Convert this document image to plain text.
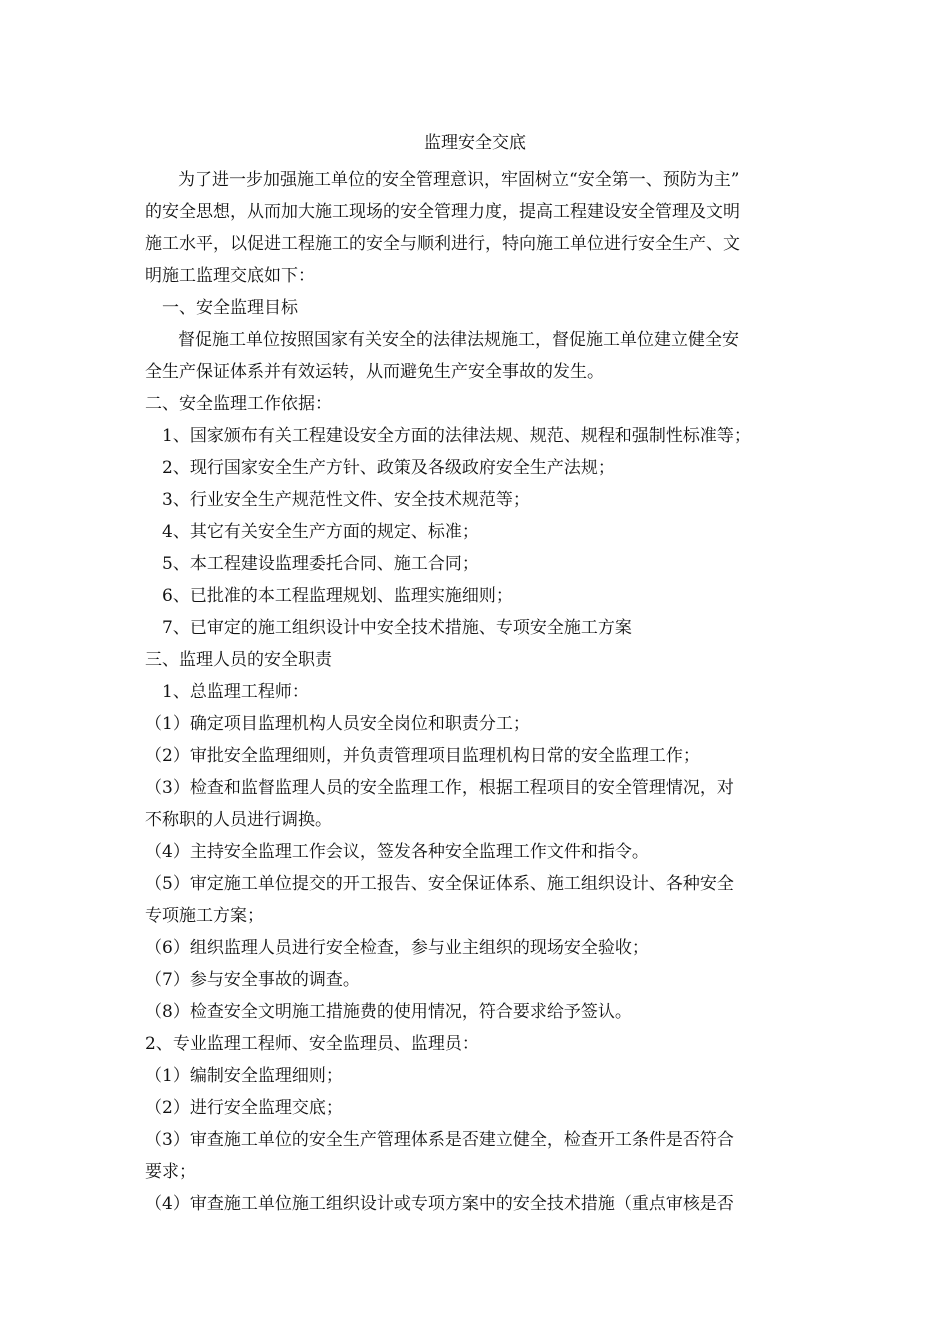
监理安全交底
为了进一步加强施工单位的安全管理意识，牢固树立“安全第一、预防为主”
的安全思想，从而加大施工现场的安全管理力度，提高工程建设安全管理及文明
施工水平，以促进工程施工的安全与顺利进行，特向施工单位进行安全生产、文
明施工监理交底如下：
一、安全监理目标
督促施工单位按照国家有关安全的法律法规施工，督促施工单位建立健全安
全生产保证体系并有效运转，从而避免生产安全事故的发生。
二、安全监理工作依据：
1、国家颁布有关工程建设安全方面的法律法规、规范、规程和强制性标准等；
2、现行国家安全生产方针、政策及各级政府安全生产法规；
3、行业安全生产规范性文件、安全技术规范等；
4、其它有关安全生产方面的规定、标准；
5、本工程建设监理委托合同、施工合同；
6、已批准的本工程监理规划、监理实施细则；
7、已审定的施工组织设计中安全技术措施、专项安全施工方案
三、监理人员的安全职责
1、总监理工程师：
（1）确定项目监理机构人员安全岗位和职责分工；
（2）审批安全监理细则，并负责管理项目监理机构日常的安全监理工作；
（3）检查和监督监理人员的安全监理工作，根据工程项目的安全管理情况，对
不称职的人员进行调换。
（4）主持安全监理工作会议，签发各种安全监理工作文件和指令。
（5）审定施工单位提交的开工报告、安全保证体系、施工组织设计、各种安全
专项施工方案；
（6）组织监理人员进行安全检查，参与业主组织的现场安全验收；
（7）参与安全事故的调查。
（8）检查安全文明施工措施费的使用情况，符合要求给予签认。
2、专业监理工程师、安全监理员、监理员：
（1）编制安全监理细则；
（2）进行安全监理交底；
（3）审查施工单位的安全生产管理体系是否建立健全，检查开工条件是否符合
要求；
（4）审查施工单位施工组织设计或专项方案中的安全技术措施（重点审核是否
